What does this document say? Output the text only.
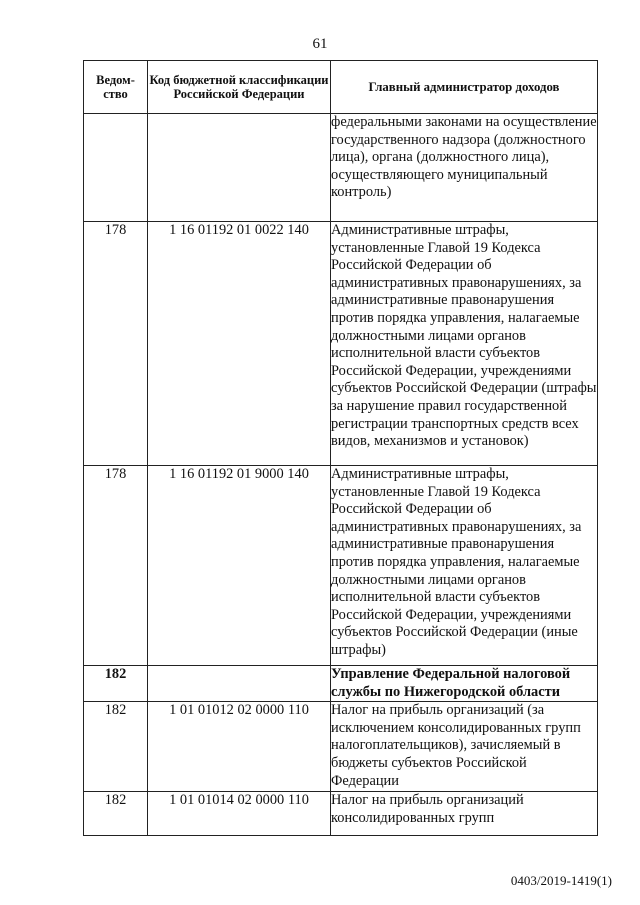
61
Ведом-ство	Код бюджетной классификации Российской Федерации	Главный администратор доходов
		федеральными законами на осуществление государственного надзора (должностного лица), органа (должностного лица), осуществляющего муниципальный контроль)
178	1 16 01192 01 0022 140	Административные штрафы, установленные Главой 19 Кодекса Российской Федерации об административных правонарушениях, за административные правонарушения против порядка управления, налагаемые должностными лицами органов исполнительной власти субъектов Российской Федерации, учреждениями субъектов Российской Федерации (штрафы за нарушение правил государственной регистрации транспортных средств всех видов, механизмов и установок)
178	1 16 01192 01 9000 140	Административные штрафы, установленные Главой 19 Кодекса Российской Федерации об административных правонарушениях, за административные правонарушения против порядка управления, налагаемые должностными лицами органов исполнительной власти субъектов Российской Федерации, учреждениями субъектов Российской Федерации (иные штрафы)
182		Управление Федеральной налоговой службы по Нижегородской области
182	1 01 01012 02 0000 110	Налог на прибыль организаций (за исключением консолидированных групп налогоплательщиков), зачисляемый в бюджеты субъектов Российской Федерации
182	1 01 01014 02 0000 110	Налог на прибыль организаций консолидированных групп
0403/2019-1419(1)
